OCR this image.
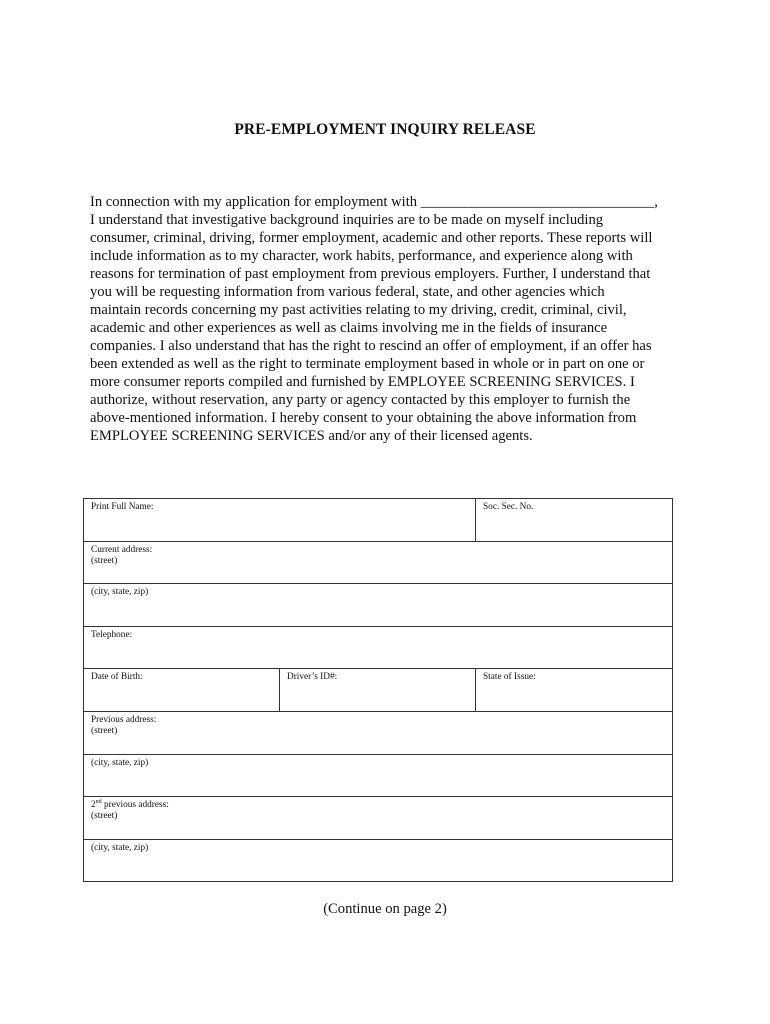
PRE-EMPLOYMENT INQUIRY RELEASE
In connection with my application for employment with ________________________________,
I understand that investigative background inquiries are to be made on myself including
consumer, criminal, driving, former employment, academic and other reports. These reports will
include information as to my character, work habits, performance, and experience along with
reasons for termination of past employment from previous employers. Further, I understand that
you will be requesting information from various federal, state, and other agencies which
maintain records concerning my past activities relating to my driving, credit, criminal, civil,
academic and other experiences as well as claims involving me in the fields of insurance
companies. I also understand that has the right to rescind an offer of employment, if an offer has
been extended as well as the right to terminate employment based in whole or in part on one or
more consumer reports compiled and furnished by EMPLOYEE SCREENING SERVICES. I
authorize, without reservation, any party or agency contacted by this employer to furnish the
above-mentioned information. I hereby consent to your obtaining the above information from
EMPLOYEE SCREENING SERVICES and/or any of their licensed agents.
Print Full Name:		Soc. Sec. No.

Current address:
(street)		

(city, state, zip)		

Telephone:		

Date of Birth:	Driver’s ID#:	State of Issue:

Previous address:
(street)		

(city, state, zip)		

2nd previous address:
(street)		

(city, state, zip)		
(Continue on page 2)
